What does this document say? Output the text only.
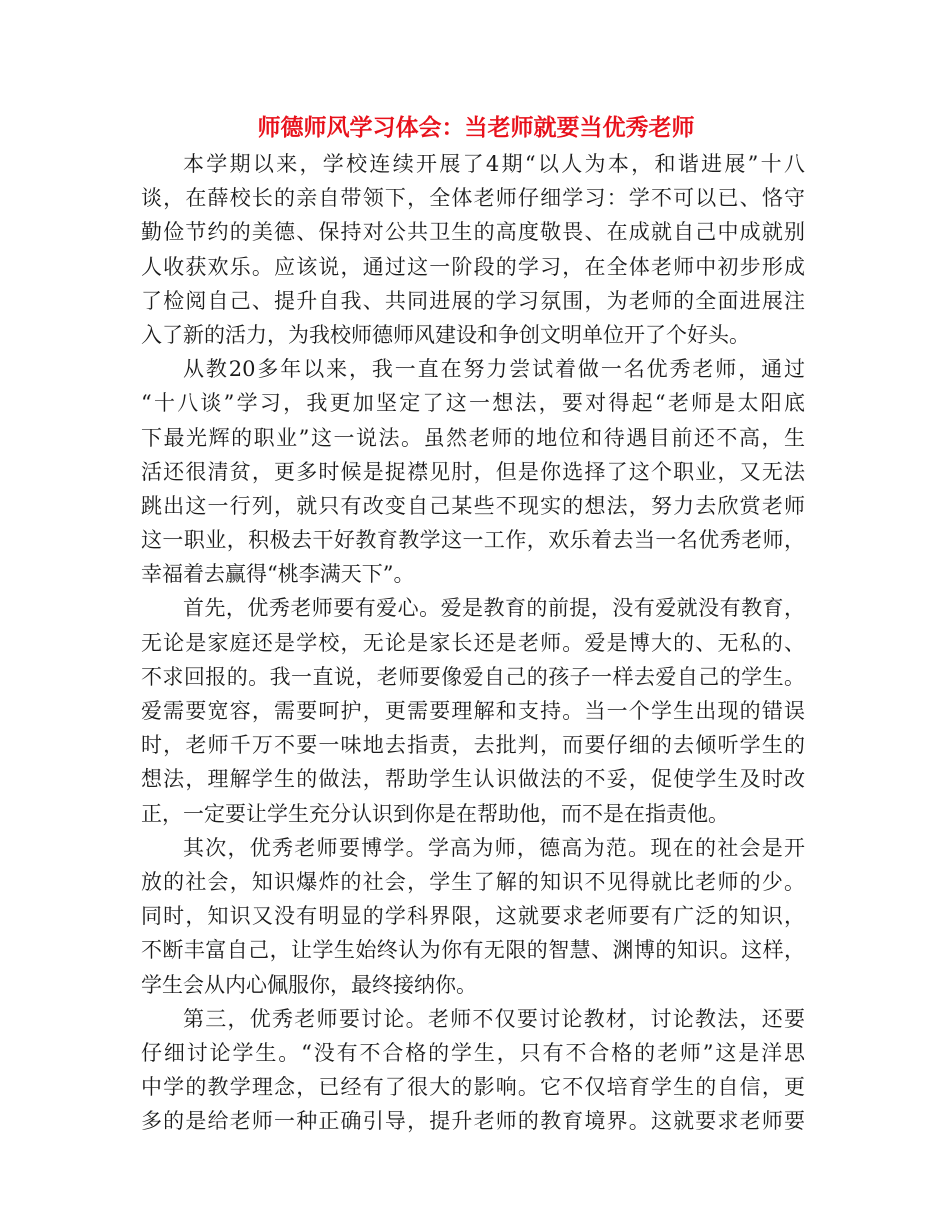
师德师风学习体会：当老师就要当优秀老师
本学期以来，学校连续开展了4期“以人为本，和谐进展”十八
谈，在薛校长的亲自带领下，全体老师仔细学习：学不可以已、恪守
勤俭节约的美德、保持对公共卫生的高度敬畏、在成就自己中成就别
人收获欢乐。应该说，通过这一阶段的学习，在全体老师中初步形成
了检阅自己、提升自我、共同进展的学习氛围，为老师的全面进展注
入了新的活力，为我校师德师风建设和争创文明单位开了个好头。
从教20多年以来，我一直在努力尝试着做一名优秀老师，通过
“十八谈”学习，我更加坚定了这一想法，要对得起“老师是太阳底
下最光辉的职业”这一说法。虽然老师的地位和待遇目前还不高，生
活还很清贫，更多时候是捉襟见肘，但是你选择了这个职业，又无法
跳出这一行列，就只有改变自己某些不现实的想法，努力去欣赏老师
这一职业，积极去干好教育教学这一工作，欢乐着去当一名优秀老师，
幸福着去赢得“桃李满天下”。
首先，优秀老师要有爱心。爱是教育的前提，没有爱就没有教育，
无论是家庭还是学校，无论是家长还是老师。爱是博大的、无私的、
不求回报的。我一直说，老师要像爱自己的孩子一样去爱自己的学生。
爱需要宽容，需要呵护，更需要理解和支持。当一个学生出现的错误
时，老师千万不要一味地去指责，去批判，而要仔细的去倾听学生的
想法，理解学生的做法，帮助学生认识做法的不妥，促使学生及时改
正，一定要让学生充分认识到你是在帮助他，而不是在指责他。
其次，优秀老师要博学。学高为师，德高为范。现在的社会是开
放的社会，知识爆炸的社会，学生了解的知识不见得就比老师的少。
同时，知识又没有明显的学科界限，这就要求老师要有广泛的知识，
不断丰富自己，让学生始终认为你有无限的智慧、渊博的知识。这样，
学生会从内心佩服你，最终接纳你。
第三，优秀老师要讨论。老师不仅要讨论教材，讨论教法，还要
仔细讨论学生。“没有不合格的学生，只有不合格的老师”这是洋思
中学的教学理念，已经有了很大的影响。它不仅培育学生的自信，更
多的是给老师一种正确引导，提升老师的教育境界。这就要求老师要
